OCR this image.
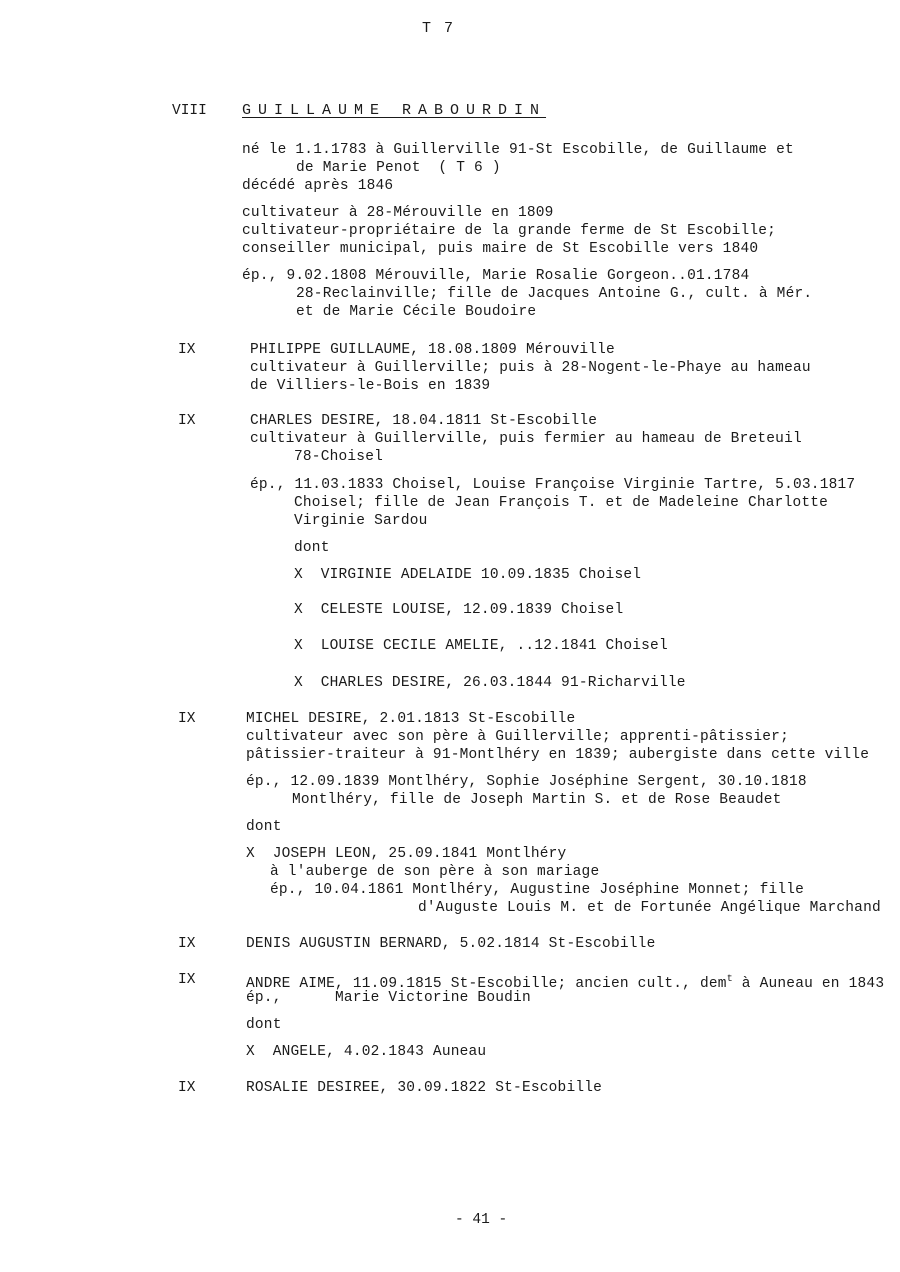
T 7
VIII GUILLAUME RABOURDIN
né le 1.1.1783 à Guillerville 91-St Escobille, de Guillaume et
de Marie Penot  ( T 6 )
décédé après 1846
cultivateur à 28-Mérouville en 1809
cultivateur-propriétaire de la grande ferme de St Escobille;
conseiller municipal, puis maire de St Escobille vers 1840
ép., 9.02.1808 Mérouville, Marie Rosalie Gorgeon..01.1784
28-Reclainville; fille de Jacques Antoine G., cult. à Mér.
et de Marie Cécile Boudoire
IX	PHILIPPE GUILLAUME, 18.08.1809 Mérouville
cultivateur à Guillerville; puis à 28-Nogent-le-Phaye au hameau
de Villiers-le-Bois en 1839
IX	CHARLES DESIRE, 18.04.1811 St-Escobille
cultivateur à Guillerville, puis fermier au hameau de Breteuil
78-Choisel
ép., 11.03.1833 Choisel, Louise Françoise Virginie Tartre, 5.03.1817
Choisel; fille de Jean François T. et de Madeleine Charlotte
Virginie Sardou
dont
X  VIRGINIE ADELAIDE 10.09.1835 Choisel
X  CELESTE LOUISE, 12.09.1839 Choisel
X  LOUISE CECILE AMELIE, ..12.1841 Choisel
X  CHARLES DESIRE, 26.03.1844 91-Richarville
IX	MICHEL DESIRE, 2.01.1813 St-Escobille
cultivateur avec son père à Guillerville; apprenti-pâtissier;
pâtissier-traiteur à 91-Montlhéry en 1839; aubergiste dans cette ville
ép., 12.09.1839 Montlhéry, Sophie Joséphine Sergent, 30.10.1818
Montlhéry, fille de Joseph Martin S. et de Rose Beaudet
dont
X  JOSEPH LEON, 25.09.1841 Montlhéry
à l'auberge de son père à son mariage
ép., 10.04.1861 Montlhéry, Augustine Joséphine Monnet; fille
d'Auguste Louis M. et de Fortunée Angélique Marchand
IX	DENIS AUGUSTIN BERNARD, 5.02.1814 St-Escobille
IX	ANDRE AIME, 11.09.1815 St-Escobille; ancien cult., dem$^t$ à Auneau en 1843
ép.,      Marie Victorine Boudin
dont
X  ANGELE, 4.02.1843 Auneau
IX	ROSALIE DESIREE, 30.09.1822 St-Escobille
- 41 -
